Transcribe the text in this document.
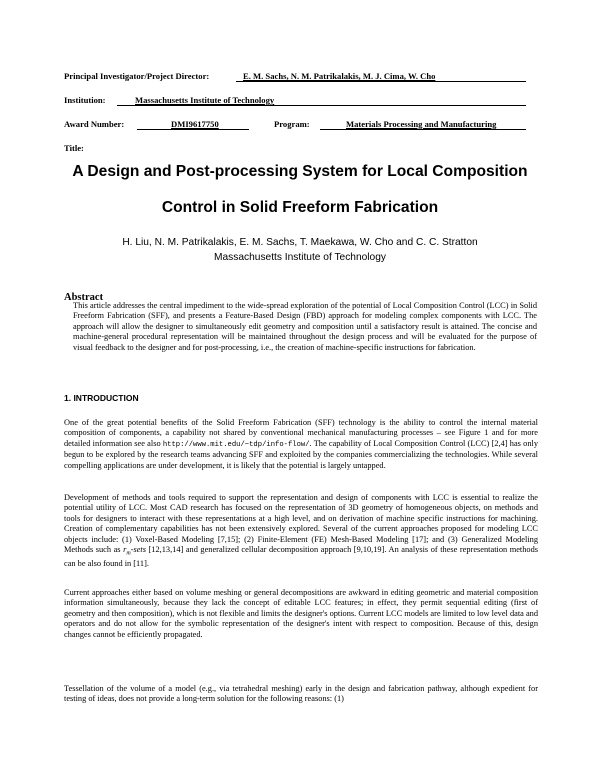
Principal Investigator/Project Director:	E. M. Sachs, N. M. Patrikalakis, M. J. Cima, W. Cho
Institution:	Massachusetts Institute of Technology
Award Number:	DMI9617750	Program:	Materials Processing and Manufacturing
Title:
A Design and Post-processing System for Local Composition
Control in Solid Freeform Fabrication
H. Liu, N. M. Patrikalakis, E. M. Sachs, T. Maekawa, W. Cho and C. C. Stratton
Massachusetts Institute of Technology
Abstract
This article addresses the central impediment to the wide-spread exploration of the potential of Local Composition Control (LCC) in Solid Freeform Fabrication (SFF), and presents a Feature-Based Design (FBD) approach for modeling complex components with LCC. The approach will allow the designer to simultaneously edit geometry and composition until a satisfactory result is attained. The concise and machine-general procedural representation will be maintained throughout the design process and will be evaluated for the purpose of visual feedback to the designer and for post-processing, i.e., the creation of machine-specific instructions for fabrication.
1. INTRODUCTION
One of the great potential benefits of the Solid Freeform Fabrication (SFF) technology is the ability to control the internal material composition of components, a capability not shared by conventional mechanical manufacturing processes – see Figure 1 and for more detailed information see also http://www.mit.edu/~tdp/info-flow/. The capability of Local Composition Control (LCC) [2,4] has only begun to be explored by the research teams advancing SFF and exploited by the companies commercializing the technologies. While several compelling applications are under development, it is likely that the potential is largely untapped.
Development of methods and tools required to support the representation and design of components with LCC is essential to realize the potential utility of LCC. Most CAD research has focused on the representation of 3D geometry of homogeneous objects, on methods and tools for designers to interact with these representations at a high level, and on derivation of machine specific instructions for machining. Creation of complementary capabilities has not been extensively explored. Several of the current approaches proposed for modeling LCC objects include: (1) Voxel-Based Modeling [7,15]; (2) Finite-Element (FE) Mesh-Based Modeling [17]; and (3) Generalized Modeling Methods such as $r_m$-sets [12,13,14] and generalized cellular decomposition approach [9,10,19]. An analysis of these representation methods can be also found in [11].
Current approaches either based on volume meshing or general decompositions are awkward in editing geometric and material composition information simultaneously, because they lack the concept of editable LCC features; in effect, they permit sequential editing (first of geometry and then composition), which is not flexible and limits the designer's options. Current LCC models are limited to low level data and operators and do not allow for the symbolic representation of the designer's intent with respect to composition. Because of this, design changes cannot be efficiently propagated.
Tessellation of the volume of a model (e.g., via tetrahedral meshing) early in the design and fabrication pathway, although expedient for testing of ideas, does not provide a long-term solution for the following reasons: (1)
